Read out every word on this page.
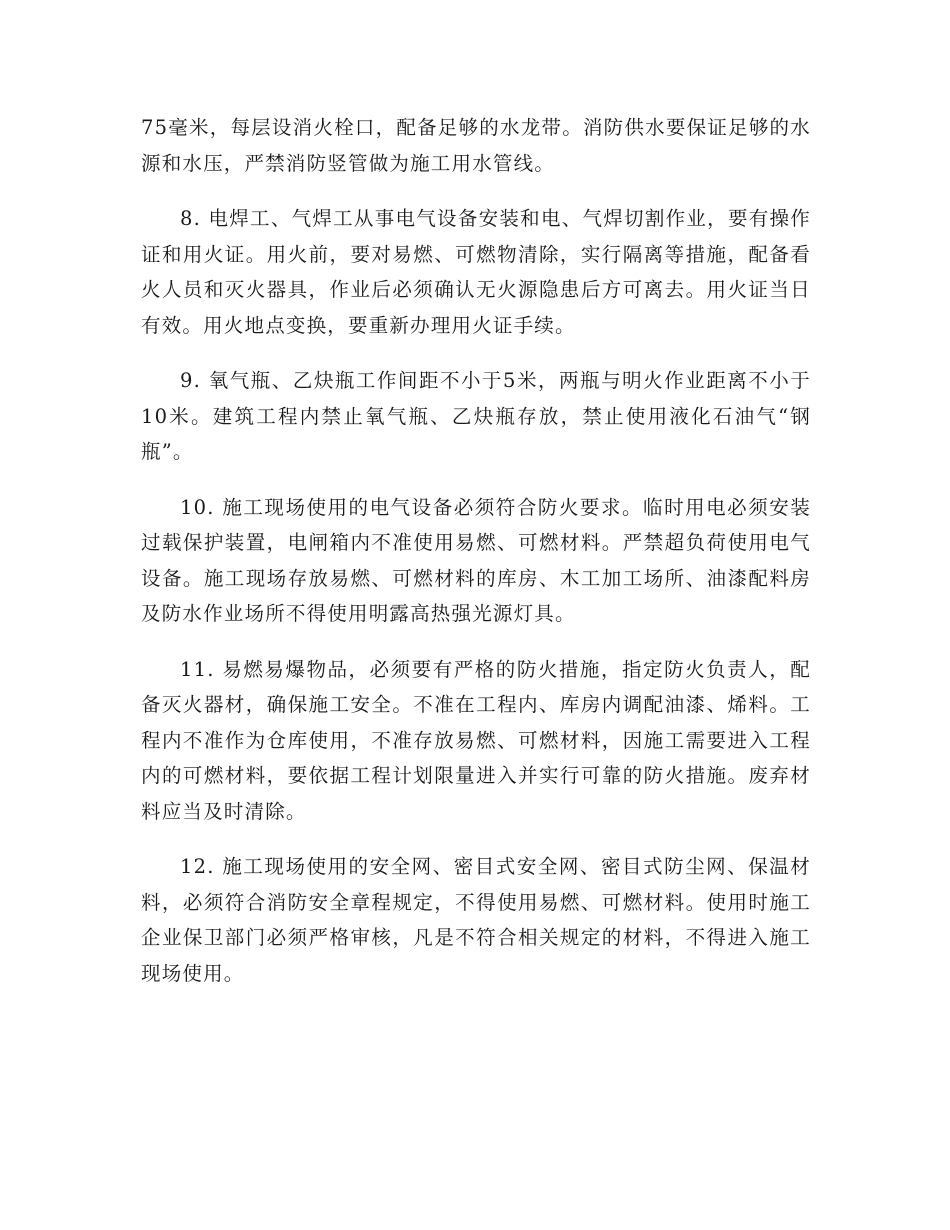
75毫米，每层设消火栓口，配备足够的水龙带。消防供水要保证足够的水源和水压，严禁消防竖管做为施工用水管线。

8. 电焊工、气焊工从事电气设备安装和电、气焊切割作业，要有操作证和用火证。用火前，要对易燃、可燃物清除，实行隔离等措施，配备看火人员和灭火器具，作业后必须确认无火源隐患后方可离去。用火证当日有效。用火地点变换，要重新办理用火证手续。

9. 氧气瓶、乙炔瓶工作间距不小于5米，两瓶与明火作业距离不小于10米。建筑工程内禁止氧气瓶、乙炔瓶存放，禁止使用液化石油气“钢瓶”。

10. 施工现场使用的电气设备必须符合防火要求。临时用电必须安装过载保护装置，电闸箱内不准使用易燃、可燃材料。严禁超负荷使用电气设备。施工现场存放易燃、可燃材料的库房、木工加工场所、油漆配料房及防水作业场所不得使用明露高热强光源灯具。

11. 易燃易爆物品，必须要有严格的防火措施，指定防火负责人，配备灭火器材，确保施工安全。不准在工程内、库房内调配油漆、烯料。工程内不准作为仓库使用，不准存放易燃、可燃材料，因施工需要进入工程内的可燃材料，要依据工程计划限量进入并实行可靠的防火措施。废弃材料应当及时清除。

12. 施工现场使用的安全网、密目式安全网、密目式防尘网、保温材料，必须符合消防安全章程规定，不得使用易燃、可燃材料。使用时施工企业保卫部门必须严格审核，凡是不符合相关规定的材料，不得进入施工现场使用。
